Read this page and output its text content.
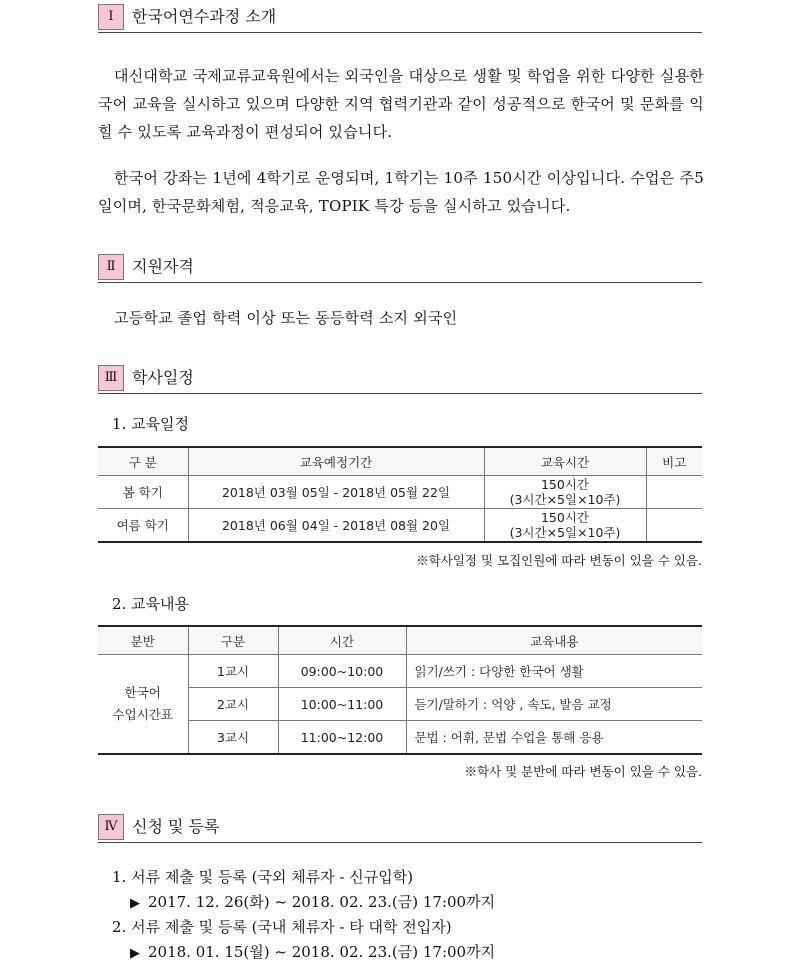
Ⅰ	한국어연수과정 소개

대신대학교 국제교류교육원에서는 외국인을 대상으로 생활 및 학업을 위한 다양한 실용한국어 교육을 실시하고 있으며 다양한 지역 협력기관과 같이 성공적으로 한국어 및 문화를 익힐 수 있도록 교육과정이 편성되어 있습니다.

한국어 강좌는 1년에 4학기로 운영되며, 1학기는 10주 150시간 이상입니다. 수업은 주5일이며, 한국문화체험, 적응교육, TOPIK 특강 등을 실시하고 있습니다.

Ⅱ	지원자격
고등학교 졸업 학력 이상 또는 동등학력 소지 외국인
Ⅲ 학사일정
1. 교육일정
구 분	교육예정기간	교육시간	비고
봄 학기	2018년 03월 05일 - 2018년 05월 22일	150시간
(3시간×5일×10주)	

여름 학기	2018년 06월 04일 - 2018년 08월 20일	150시간
(3시간×5일×10주)	

※학사일정 및 모집인원에 따라 변동이 있을 수 있음.
2. 교육내용
분반	구분	시간	교육내용
한국어
수업시간표	1교시	09:00~10:00	읽기/쓰기 : 다양한 한국어 생활
	2교시	10:00~11:00	듣기/말하기 : 억양 , 속도, 발음 교정
	3교시	11:00~12:00	문법 : 어휘, 문법 수업을 통해 응용
※학사 및 분반에 따라 변동이 있을 수 있음.
Ⅳ 신청 및 등록
1. 서류 제출 및 등록 (국외 체류자 - 신규입학)
▶ 2017. 12. 26(화) ~ 2018. 02. 23.(금) 17:00까지
2. 서류 제출 및 등록 (국내 체류자 - 타 대학 전입자)
▶ 2018. 01. 15(월) ~ 2018. 02. 23.(금) 17:00까지
